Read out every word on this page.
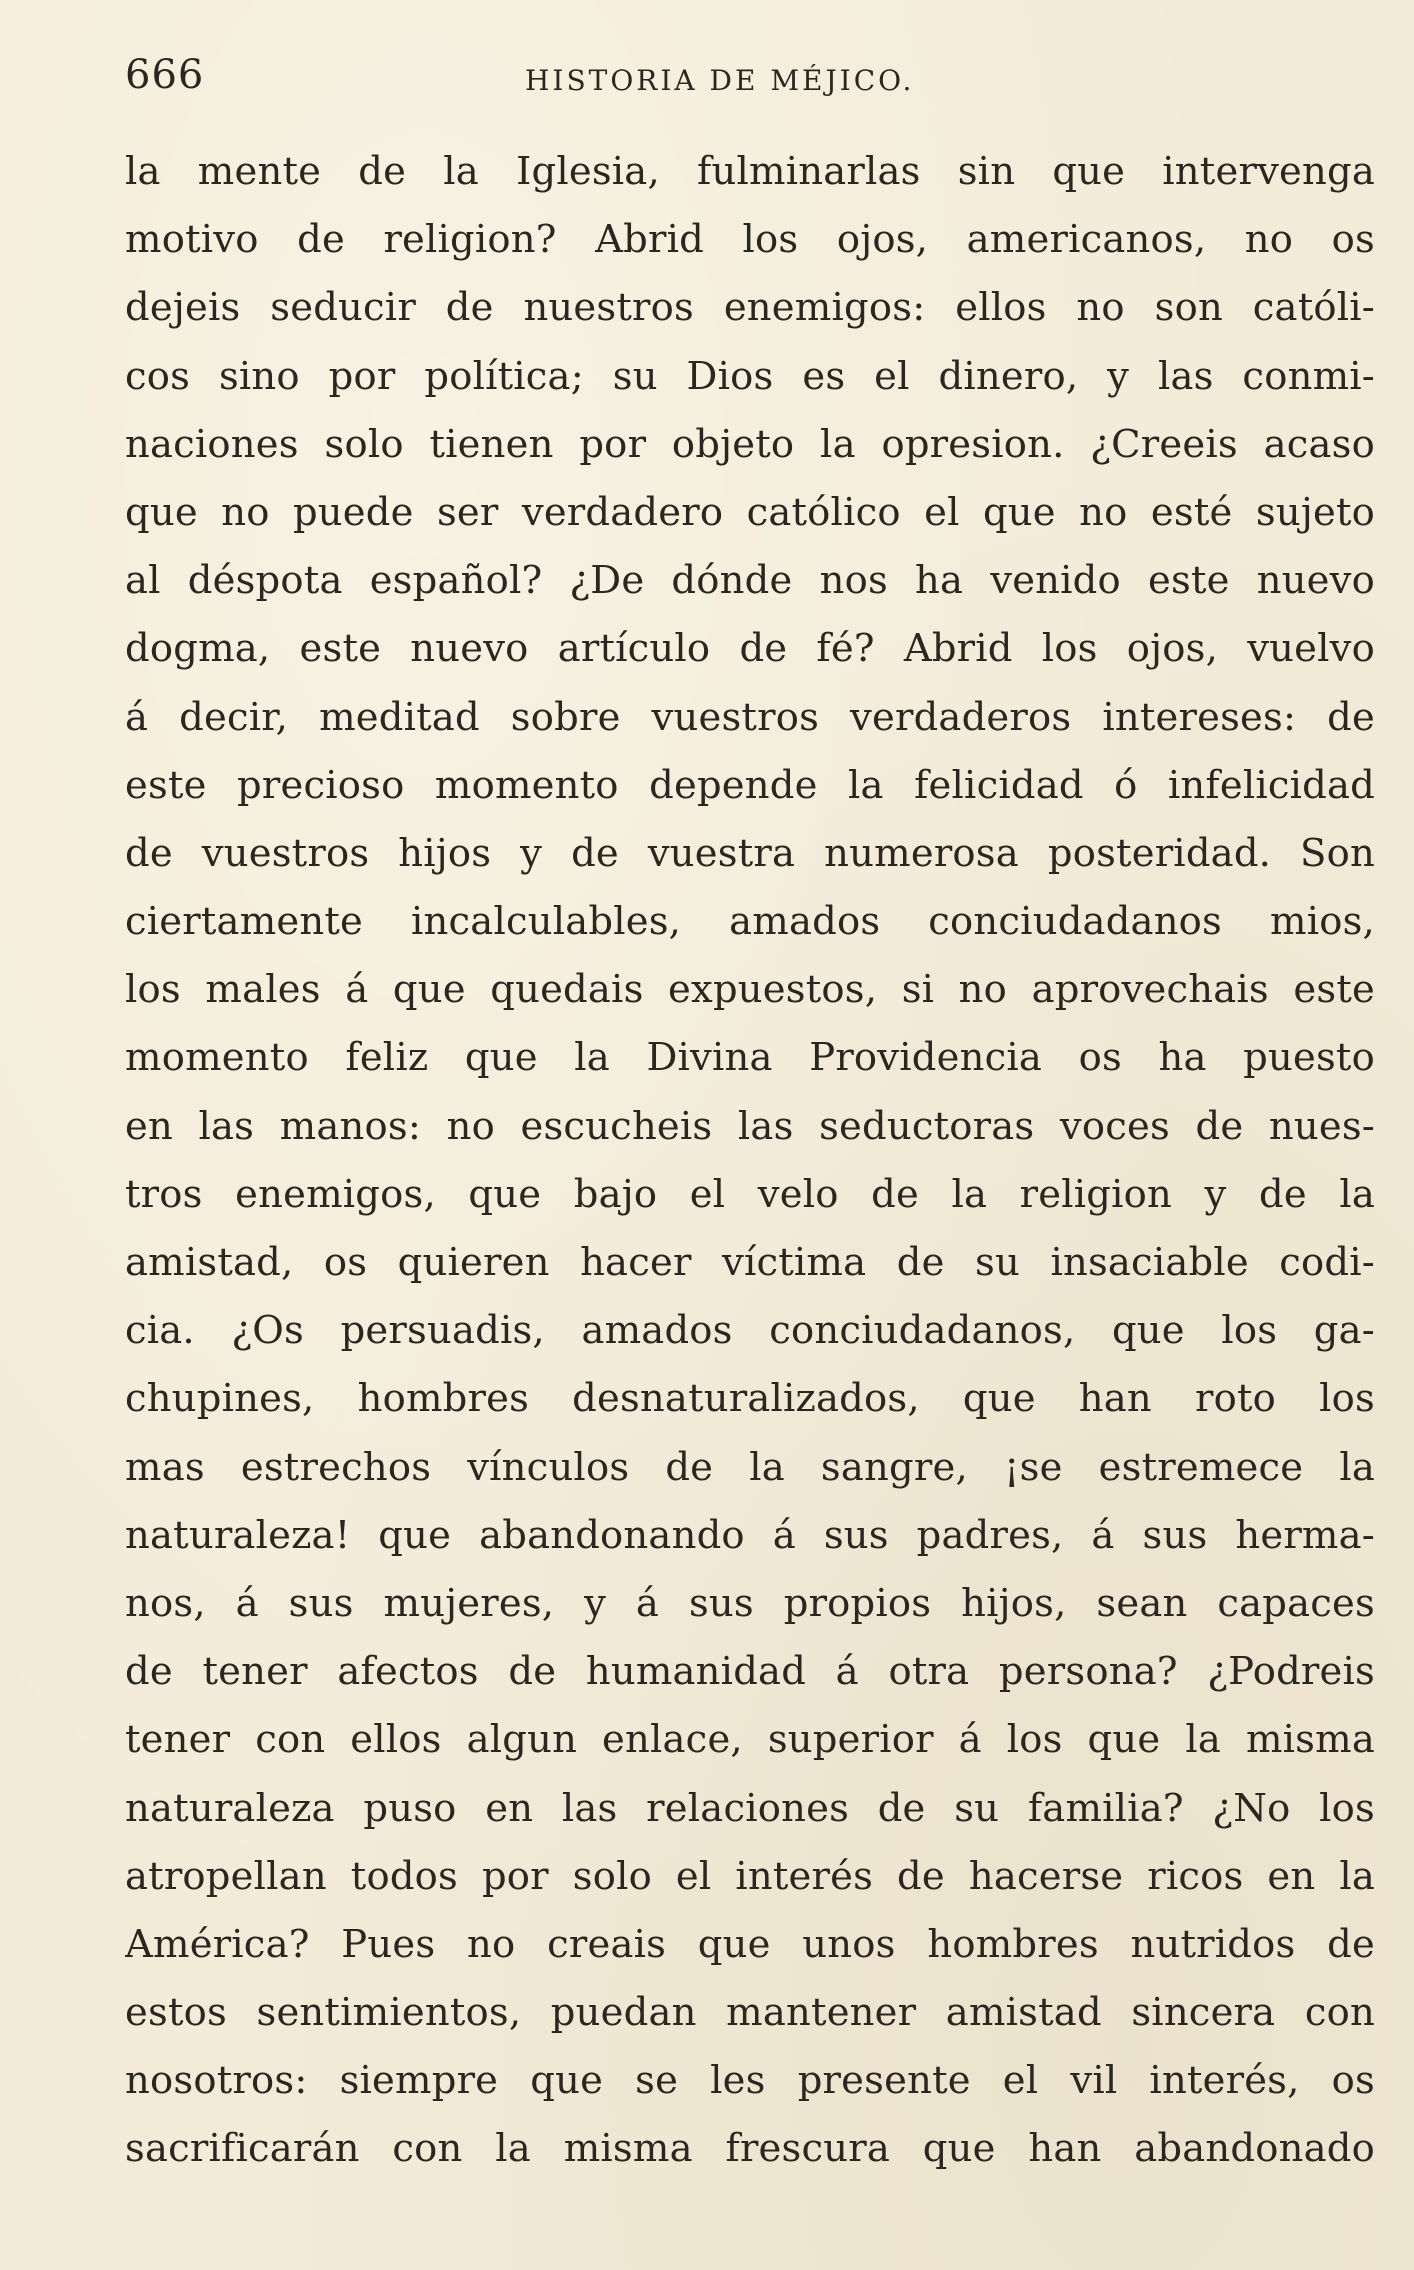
666	HISTORIA DE MÉJICO.
la mente de la Iglesia, fulminarlas sin que intervenga
motivo de religion? Abrid los ojos, americanos, no os
dejeis seducir de nuestros enemigos: ellos no son católi-
cos sino por política; su Dios es el dinero, y las conmi-
naciones solo tienen por objeto la opresion. ¿Creeis acaso
que no puede ser verdadero católico el que no esté sujeto
al déspota español? ¿De dónde nos ha venido este nuevo
dogma, este nuevo artículo de fé? Abrid los ojos, vuelvo
á decir, meditad sobre vuestros verdaderos intereses: de
este precioso momento depende la felicidad ó infelicidad
de vuestros hijos y de vuestra numerosa posteridad. Son
ciertamente incalculables, amados conciudadanos mios,
los males á que quedais expuestos, si no aprovechais este
momento feliz que la Divina Providencia os ha puesto
en las manos: no escucheis las seductoras voces de nues-
tros enemigos, que bajo el velo de la religion y de la
amistad, os quieren hacer víctima de su insaciable codi-
cia. ¿Os persuadis, amados conciudadanos, que los ga-
chupines, hombres desnaturalizados, que han roto los
mas estrechos vínculos de la sangre, ¡se estremece la
naturaleza! que abandonando á sus padres, á sus herma-
nos, á sus mujeres, y á sus propios hijos, sean capaces
de tener afectos de humanidad á otra persona? ¿Podreis
tener con ellos algun enlace, superior á los que la misma
naturaleza puso en las relaciones de su familia? ¿No los
atropellan todos por solo el interés de hacerse ricos en la
América? Pues no creais que unos hombres nutridos de
estos sentimientos, puedan mantener amistad sincera con
nosotros: siempre que se les presente el vil interés, os
sacrificarán con la misma frescura que han abandonado
